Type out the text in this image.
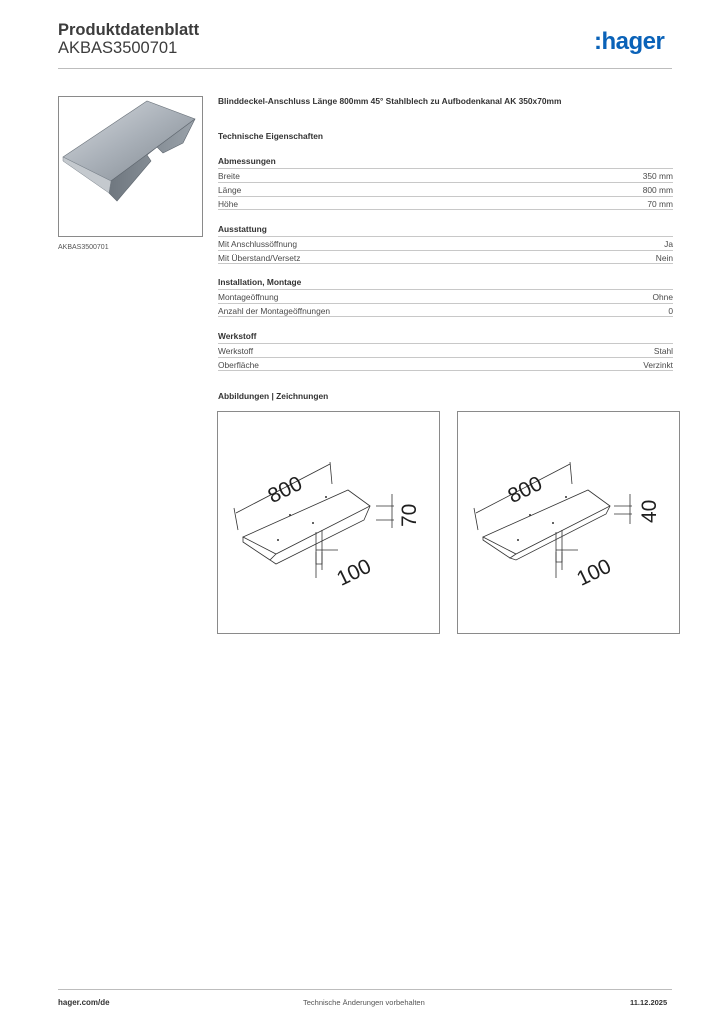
Produktdatenblatt
AKBAS3500701	:hager
AKBAS3500701
Blinddeckel-Anschluss Länge 800mm 45° Stahlblech zu Aufbodenkanal AK 350x70mm
Technische Eigenschaften
Abmessungen
Breite	350 mm
Länge	800 mm
Höhe	70 mm
Ausstattung
Mit Anschlussöffnung	Ja
Mit Überstand/Versetz	Nein
Installation, Montage
Montageöffnung	Ohne
Anzahl der Montageöffnungen	0
Werkstoff
Werkstoff	Stahl
Oberfläche	Verzinkt
Abbildungen | Zeichnungen
800
70
100
800
40
100
hager.com/de	Technische Änderungen vorbehalten	11.12.2025
